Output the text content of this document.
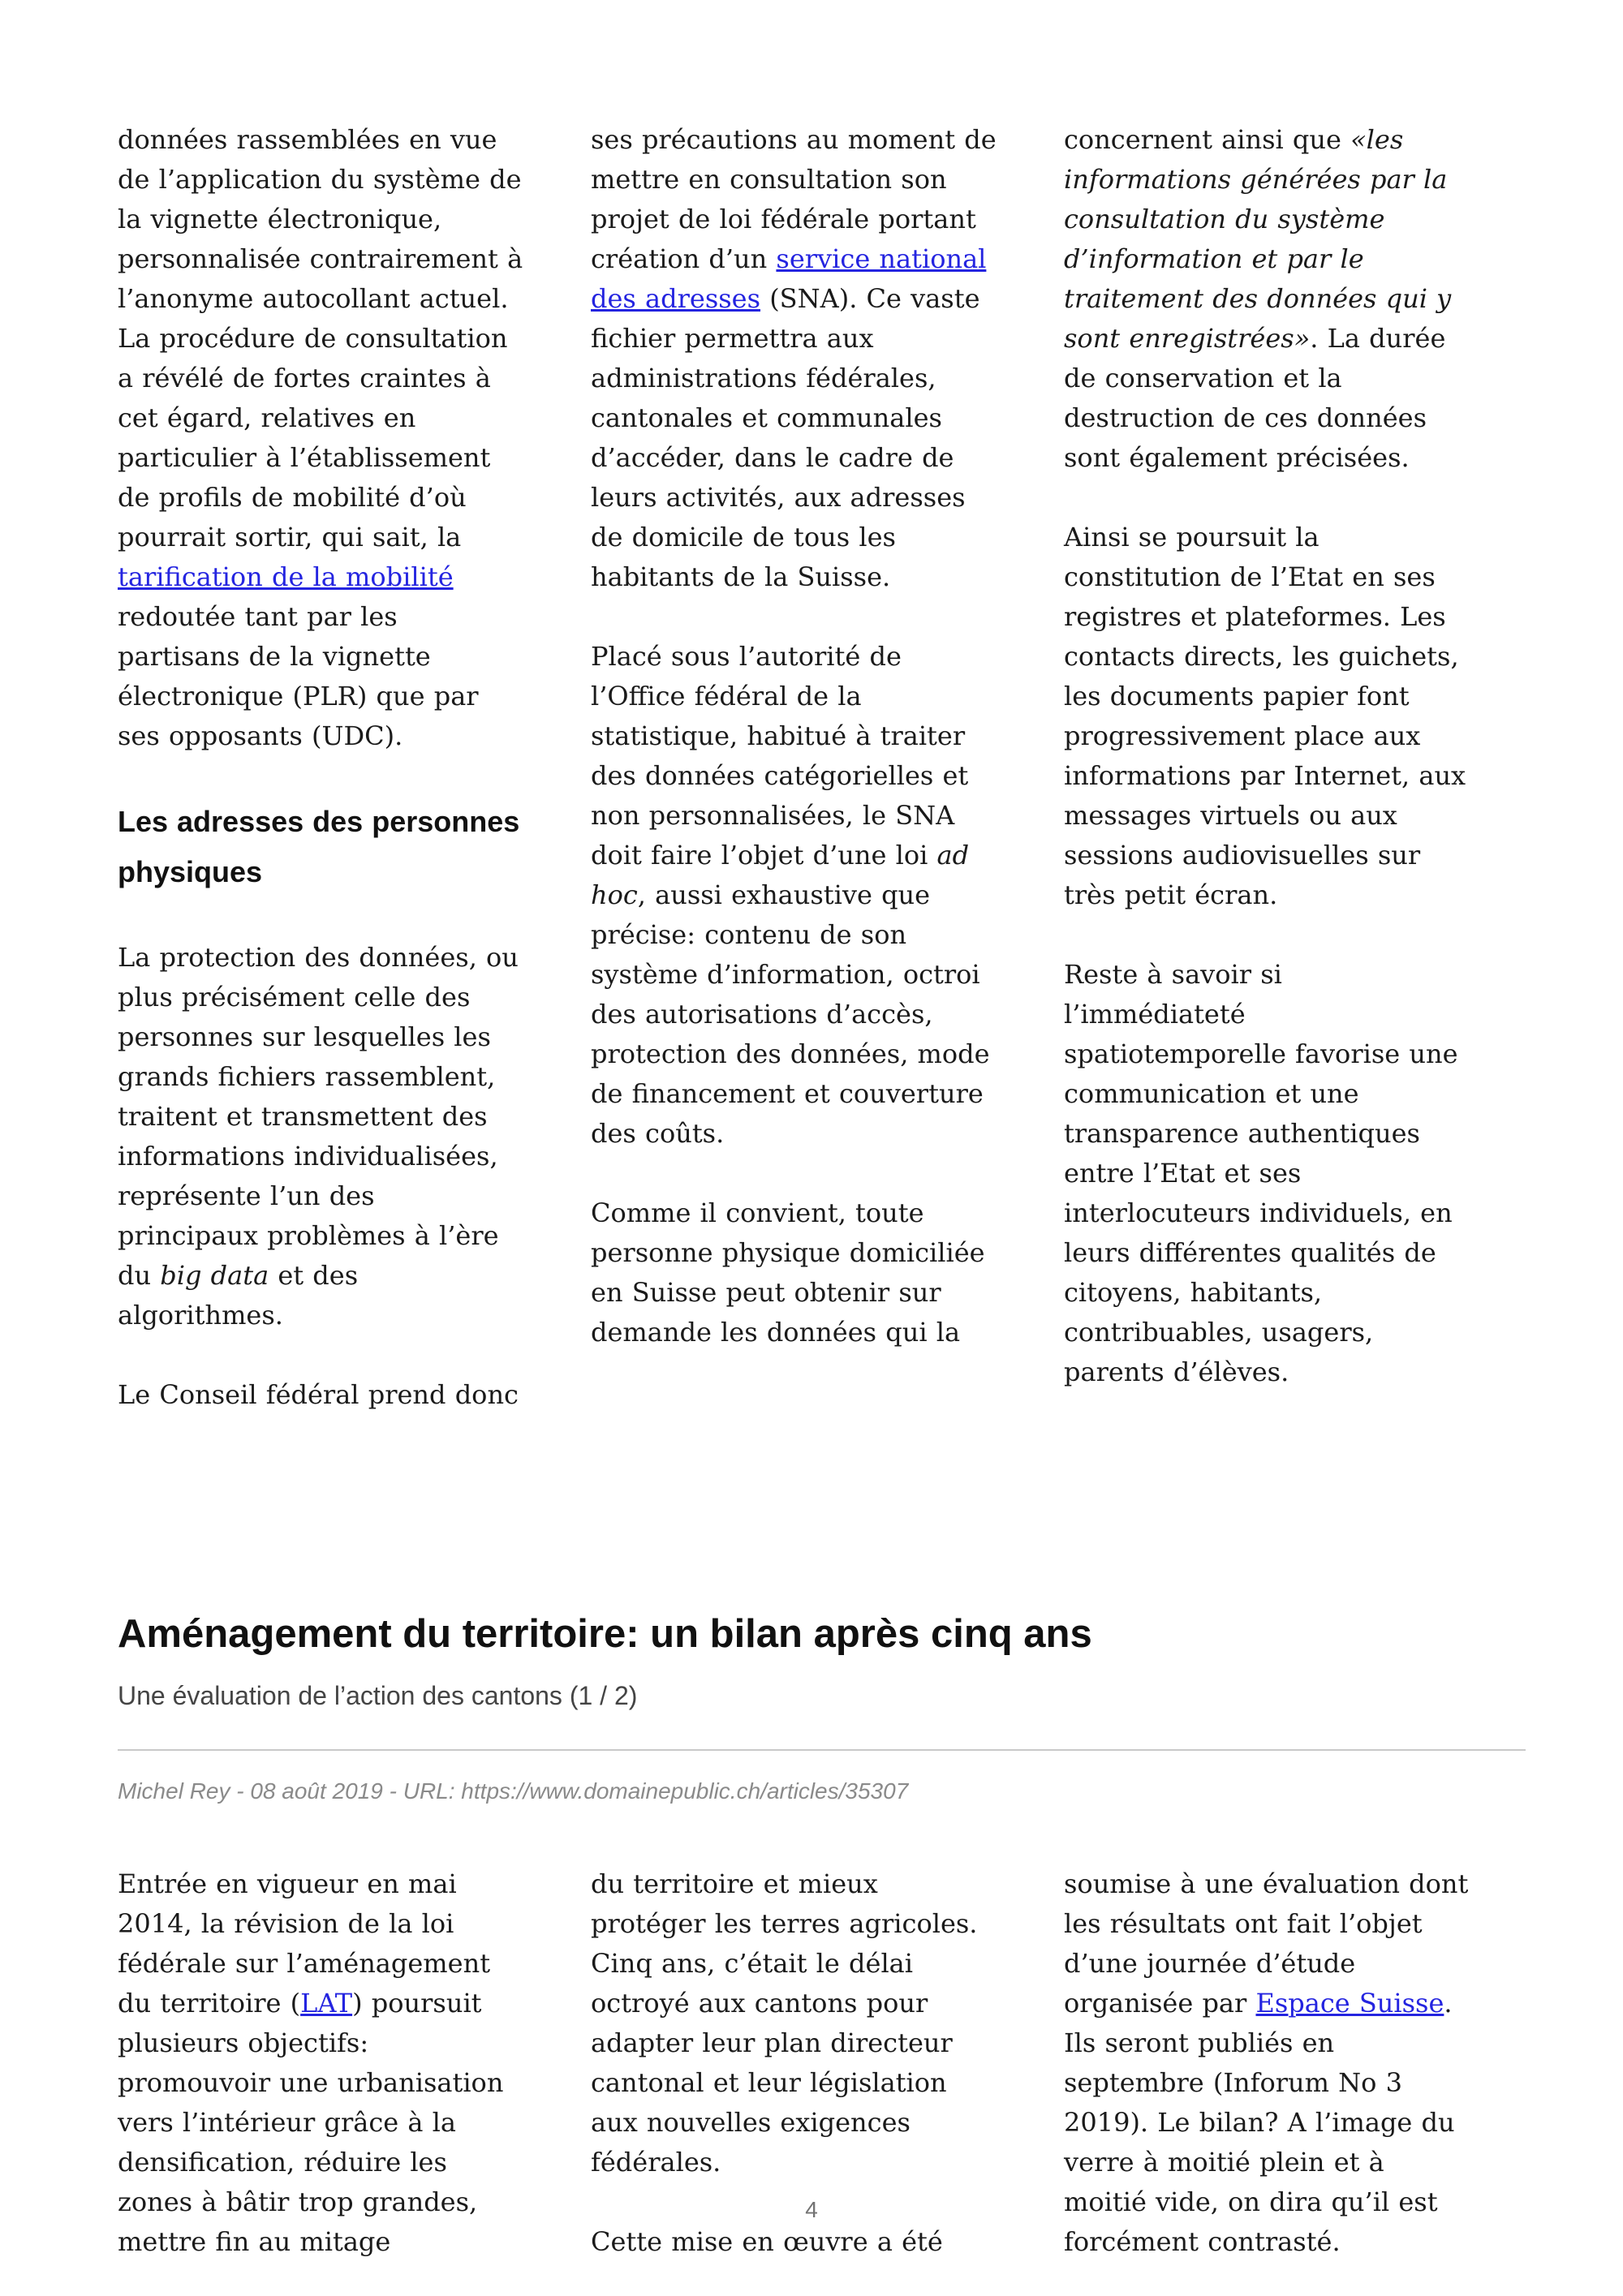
données rassemblées en vue de l’application du système de la vignette électronique, personnalisée contrairement à l’anonyme autocollant actuel. La procédure de consultation a révélé de fortes craintes à cet égard, relatives en particulier à l’établissement de profils de mobilité d’où pourrait sortir, qui sait, la tarification de la mobilité redoutée tant par les partisans de la vignette électronique (PLR) que par ses opposants (UDC).

Les adresses des personnes physiques

La protection des données, ou plus précisément celle des personnes sur lesquelles les grands fichiers rassemblent, traitent et transmettent des informations individualisées, représente l’un des principaux problèmes à l’ère du big data et des algorithmes.

Le Conseil fédéral prend donc

ses précautions au moment de mettre en consultation son projet de loi fédérale portant création d’un service national des adresses (SNA). Ce vaste fichier permettra aux administrations fédérales, cantonales et communales d’accéder, dans le cadre de leurs activités, aux adresses de domicile de tous les habitants de la Suisse.

Placé sous l’autorité de l’Office fédéral de la statistique, habitué à traiter des données catégorielles et non personnalisées, le SNA doit faire l’objet d’une loi ad hoc, aussi exhaustive que précise: contenu de son système d’information, octroi des autorisations d’accès, protection des données, mode de financement et couverture des coûts.

Comme il convient, toute personne physique domiciliée en Suisse peut obtenir sur demande les données qui la

concernent ainsi que «les informations générées par la consultation du système d’information et par le traitement des données qui y sont enregistrées». La durée de conservation et la destruction de ces données sont également précisées.

Ainsi se poursuit la constitution de l’Etat en ses registres et plateformes. Les contacts directs, les guichets, les documents papier font progressivement place aux informations par Internet, aux messages virtuels ou aux sessions audiovisuelles sur très petit écran.

Reste à savoir si l’immédiateté spatiotemporelle favorise une communication et une transparence authentiques entre l’Etat et ses interlocuteurs individuels, en leurs différentes qualités de citoyens, habitants, contribuables, usagers, parents d’élèves.

Aménagement du territoire: un bilan après cinq ans
Une évaluation de l’action des cantons (1 / 2)
Michel Rey - 08 août 2019 - URL: https://www.domainepublic.ch/articles/35307

Entrée en vigueur en mai 2014, la révision de la loi fédérale sur l’aménagement du territoire (LAT) poursuit plusieurs objectifs: promouvoir une urbanisation vers l’intérieur grâce à la densification, réduire les zones à bâtir trop grandes, mettre fin au mitage

du territoire et mieux protéger les terres agricoles. Cinq ans, c’était le délai octroyé aux cantons pour adapter leur plan directeur cantonal et leur législation aux nouvelles exigences fédérales.

Cette mise en œuvre a été

soumise à une évaluation dont les résultats ont fait l’objet d’une journée d’étude organisée par Espace Suisse. Ils seront publiés en septembre (Inforum No 3 2019). Le bilan? A l’image du verre à moitié plein et à moitié vide, on dira qu’il est forcément contrasté.

4
